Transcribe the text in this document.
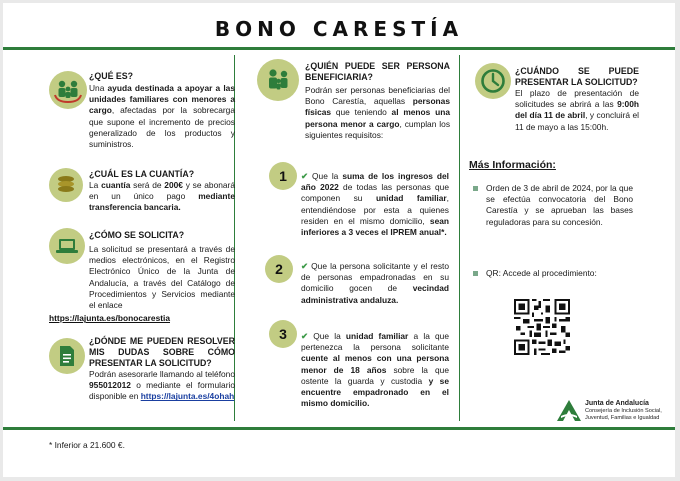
BONO CARESTÍA
¿QUÉ ES?
Una ayuda destinada a apoyar a las unidades familiares con menores a cargo, afectadas por la sobrecarga que supone el incremento de precios generalizado de los productos y suministros.
¿CUÁL ES LA CUANTÍA?
La cuantía será de 200€ y se abonará en un único pago mediante transferencia bancaria.
¿CÓMO SE SOLICITA?
La solicitud se presentará a través de medios electrónicos, en el Registro Electrónico Único de la Junta de Andalucía, a través del Catálogo de Procedimientos y Servicios mediante el enlace
https://lajunta.es/bonocarestia
¿DÓNDE ME PUEDEN RESOLVER MIS DUDAS SOBRE CÓMO PRESENTAR LA SOLICITUD?
Podrán asesorarle llamando al teléfono 955012012 o mediante el formulario disponible en https://lajunta.es/4ohah
¿QUIÉN PUEDE SER PERSONA BENEFICIARIA?
Podrán ser personas beneficiarias del Bono Carestía, aquellas personas físicas que teniendo al menos una persona menor a cargo, cumplan los siguientes requisitos:
1	✔ Que la suma de los ingresos del año 2022 de todas las personas que componen su unidad familiar, entendiéndose por esta a quienes residen en el mismo domicilio, sean inferiores a 3 veces el IPREM anual*.
2	✔ Que la persona solicitante y el resto de personas empadronadas en su domicilio gocen de vecindad administrativa andaluza.
3	✔ Que la unidad familiar a la que pertenezca la persona solicitante cuente al menos con una persona menor de 18 años sobre la que ostente la guarda y custodia y se encuentre empadronado en el mismo domicilio.
¿CUÁNDO SE PUEDE PRESENTAR LA SOLICITUD?
El plazo de presentación de solicitudes se abrirá a las 9:00h del día 11 de abril, y concluirá el 11 de mayo a las 15:00h.
Más Información:
Orden de 3 de abril de 2024, por la que se efectúa convocatoria del Bono Carestía y se aprueban las bases reguladoras para su concesión.
QR: Accede al procedimiento:
Junta de Andalucía
Consejería de Inclusión Social,
Juventud, Familias e Igualdad
* Inferior a 21.600 €.
